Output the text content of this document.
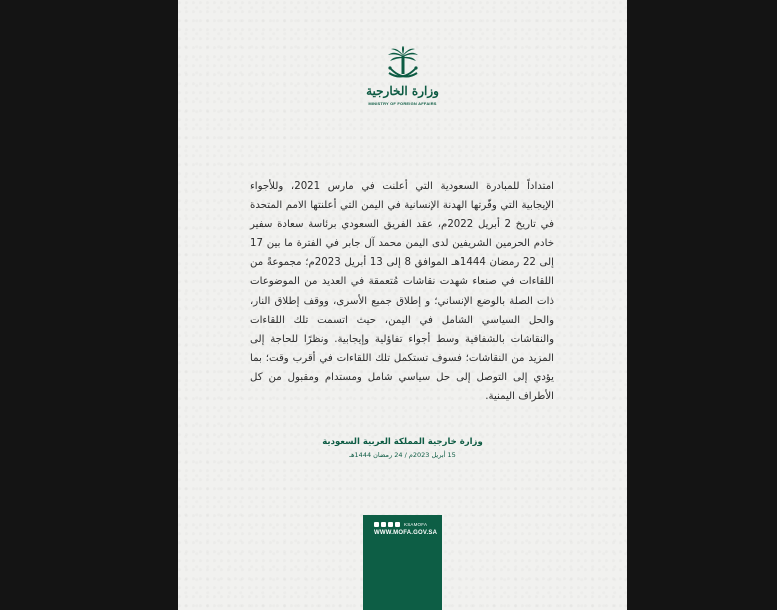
وزارة الخارجية
MINISTRY OF FOREIGN AFFAIRS
امتداداً للمبادرة السعودية التي أعلنت في مارس 2021، وللأجواء الإيجابية التي وفّرتها الهدنة الإنسانية في اليمن التي أعلنتها الامم المتحدة في تاريخ 2 أبريل 2022م، عقد الفريق السعودي برئاسة سعادة سفير خادم الحرمين الشريفين لدى اليمن محمد آل جابر في الفترة ما بين 17 إلى 22 رمضان 1444هـ الموافق 8 إلى 13 أبريل 2023م؛ مجموعةً من اللقاءات في صنعاء شهدت نقاشات مُتعمقة في العديد من الموضوعات ذات الصلة بالوضع الإنساني؛ و إطلاق جميع الأسرى، ووقف إطلاق النار، والحل السياسي الشامل في اليمن، حيث اتسمت تلك اللقاءات والنقاشات بالشفافية وسط أجواء تفاؤلية وإيجابية. ونظرًا للحاجة إلى المزيد من النقاشات؛ فسوف تستكمل تلك اللقاءات في أقرب وقت؛ بما يؤدي إلى التوصل إلى حل سياسي شامل ومستدام ومقبول من كل الأطراف اليمنية.
وزارة خارجية المملكة العربية السعودية
15 أبريل 2023م / 24 رمضان 1444هـ
KSAMOFA
WWW.MOFA.GOV.SA
